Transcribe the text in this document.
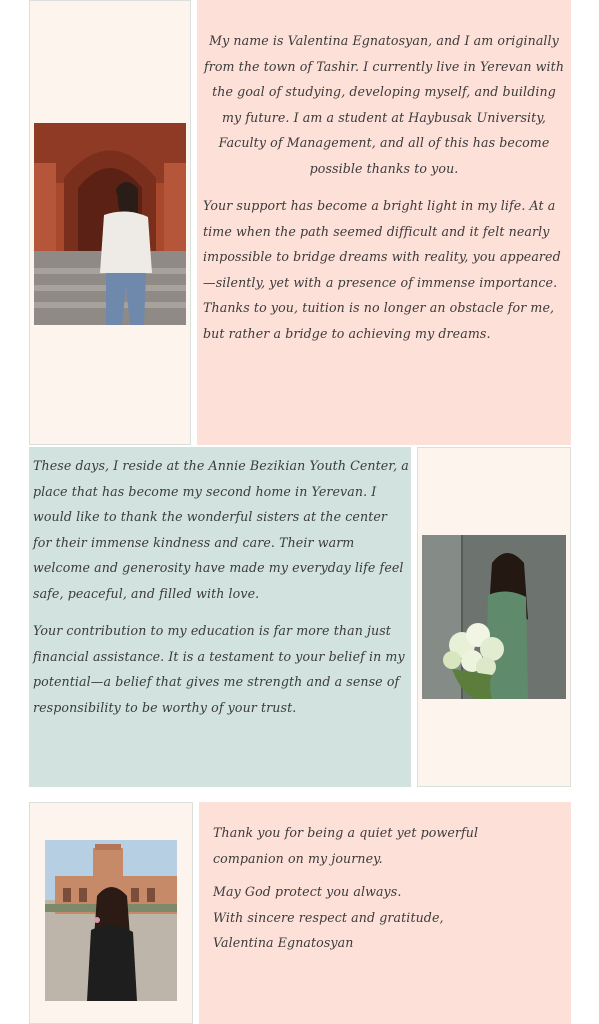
My name is Valentina Egnatosyan, and I am originally from the town of Tashir. I currently live in Yerevan with the goal of studying, developing myself, and building my future. I am a student at Haybusak University, Faculty of Management, and all of this has become possible thanks to you.

Your support has become a bright light in my life. At a time when the path seemed difficult and it felt nearly impossible to bridge dreams with reality, you appeared—silently, yet with a presence of immense importance. Thanks to you, tuition is no longer an obstacle for me, but rather a bridge to achieving my dreams.

These days, I reside at the Annie Bezikian Youth Center, a place that has become my second home in Yerevan. I would like to thank the wonderful sisters at the center for their immense kindness and care. Their warm welcome and generosity have made my everyday life feel safe, peaceful, and filled with love.

Your contribution to my education is far more than just financial assistance. It is a testament to your belief in my potential—a belief that gives me strength and a sense of responsibility to be worthy of your trust.

Thank you for being a quiet yet powerful companion on my journey.

May God protect you always.

With sincere respect and gratitude,

Valentina Egnatosyan
